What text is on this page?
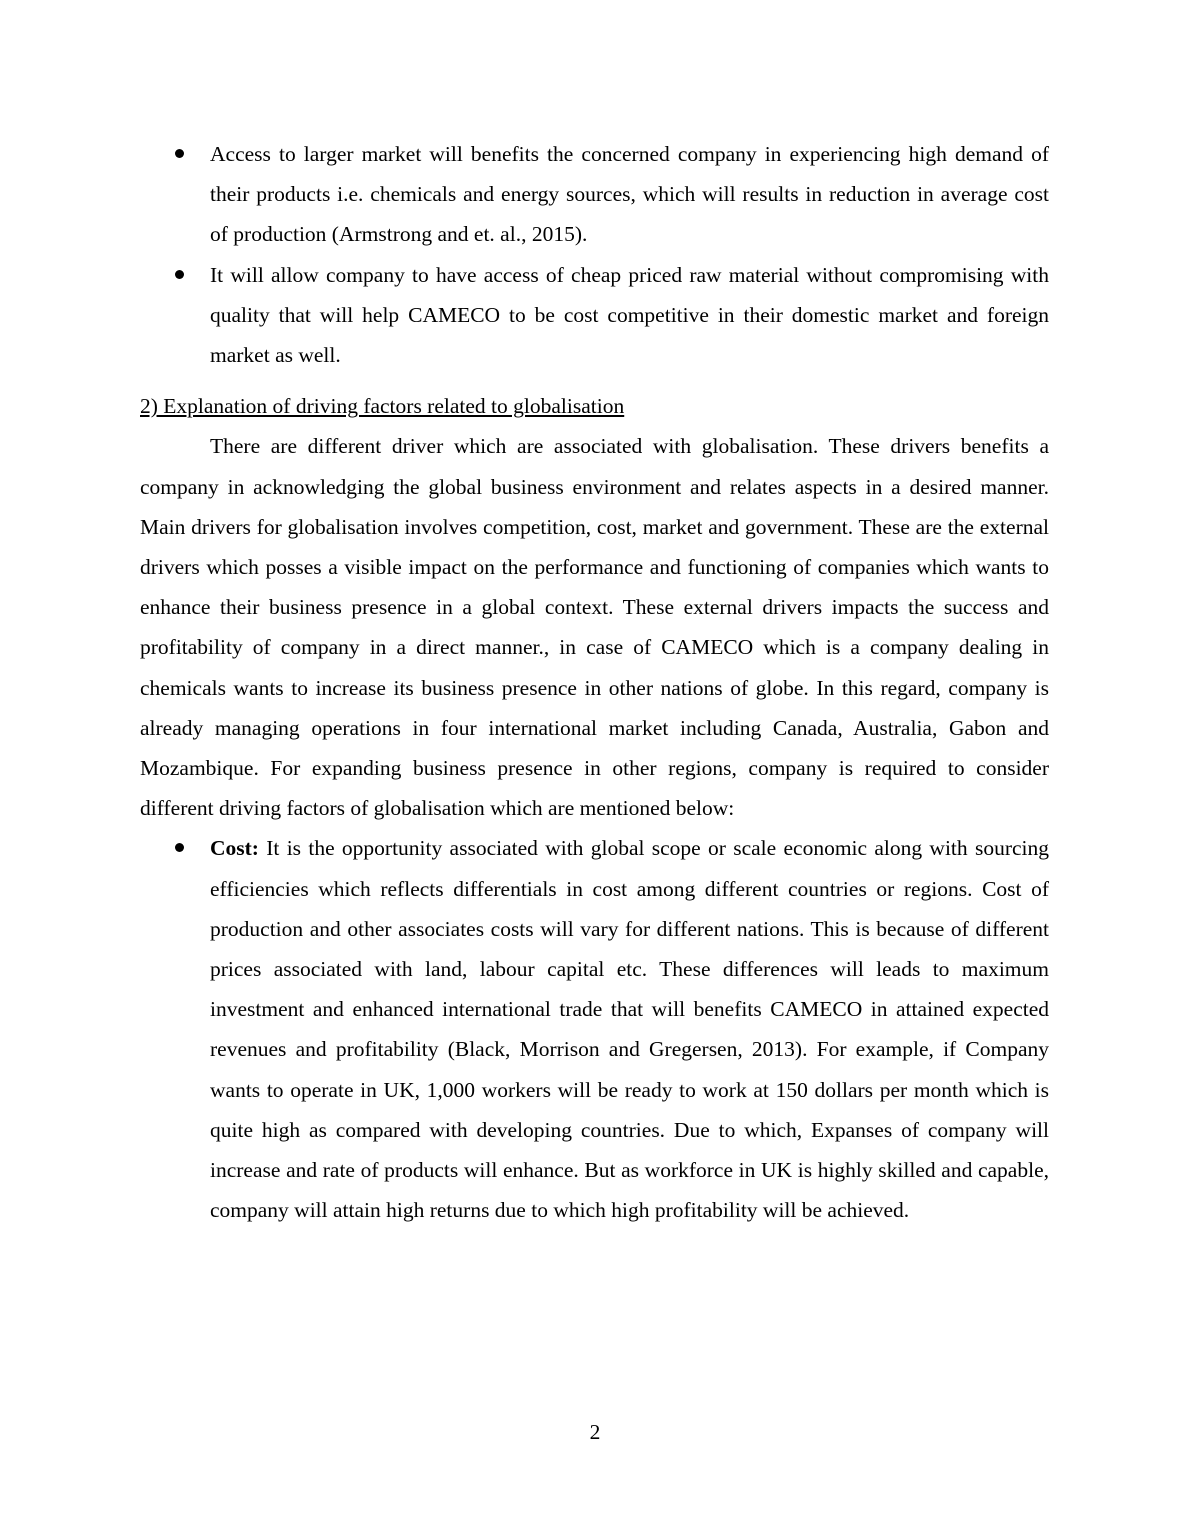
Access to larger market will benefits the concerned company in experiencing high demand of their products i.e. chemicals and energy sources, which will results in reduction in average cost of production (Armstrong and et. al., 2015).
It will allow company to have access of cheap priced raw material without compromising with quality that will help CAMECO to be cost competitive in their domestic market and foreign market as well.
2) Explanation of driving factors related to globalisation

There are different driver which are associated with globalisation. These drivers benefits a company in acknowledging the global business environment and relates aspects in a desired manner. Main drivers for globalisation involves competition, cost, market and government. These are the external drivers which posses a visible impact on the performance and functioning of companies which wants to enhance their business presence in a global context. These external drivers impacts the success and profitability of company in a direct manner., in case of CAMECO which is a company dealing in chemicals wants to increase its business presence in other nations of globe. In this regard, company is already managing operations in four international market including Canada, Australia, Gabon and Mozambique. For expanding business presence in other regions, company is required to consider different driving factors of globalisation which are mentioned below:

Cost: It is the opportunity associated with global scope or scale economic along with sourcing efficiencies which reflects differentials in cost among different countries or regions. Cost of production and other associates costs will vary for different nations. This is because of different prices associated with land, labour capital etc. These differences will leads to maximum investment and enhanced international trade that will benefits CAMECO in attained expected revenues and profitability (Black, Morrison and Gregersen, 2013). For example, if Company wants to operate in UK, 1,000 workers will be ready to work at 150 dollars per month which is quite high as compared with developing countries. Due to which, Expanses of company will increase and rate of products will enhance. But as workforce in UK is highly skilled and capable, company will attain high returns due to which high profitability will be achieved.
2
